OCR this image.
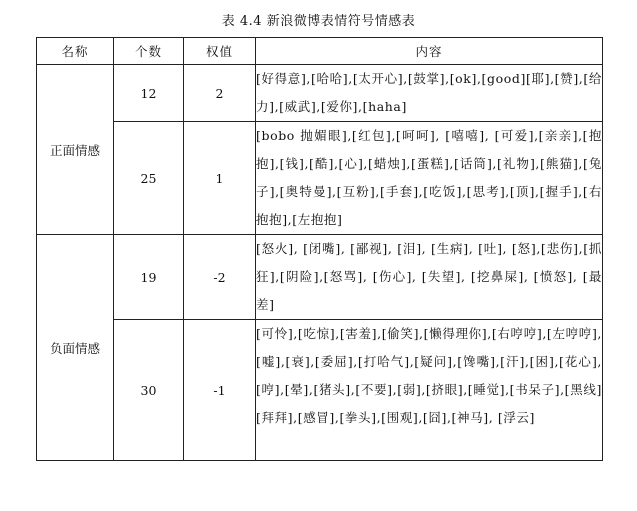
表 4.4 新浪微博表情符号情感表
名称	个数	权值	内容
正面情感	12	2	[好得意],[哈哈],[太开心],[鼓掌],[ok],[good][耶],[赞],[给力],[威武],[爱你],[haha]
	25	1	[bobo 抛媚眼],[红包],[呵呵], [嘻嘻], [可爱],[亲亲],[抱抱],[钱],[酷],[心],[蜡烛],[蛋糕],[话筒],[礼物],[熊猫],[兔子],[奥特曼],[互粉],[手套],[吃饭],[思考],[顶],[握手],[右抱抱],[左抱抱]
负面情感	19	-2	[怒火], [闭嘴], [鄙视], [泪], [生病], [吐], [怒],[悲伤],[抓狂],[阴险],[怒骂], [伤心], [失望], [挖鼻屎], [愤怒], [最差]
	30	-1	[可怜],[吃惊],[害羞],[偷笑],[懒得理你],[右哼哼],[左哼哼],[嘘],[衰],[委屈],[打哈气],[疑问],[馋嘴],[汗],[困],[花心],[哼],[晕],[猪头],[不要],[弱],[挤眼],[睡觉],[书呆子],[黑线] [拜拜],[感冒],[拳头],[围观],[囧],[神马], [浮云]
